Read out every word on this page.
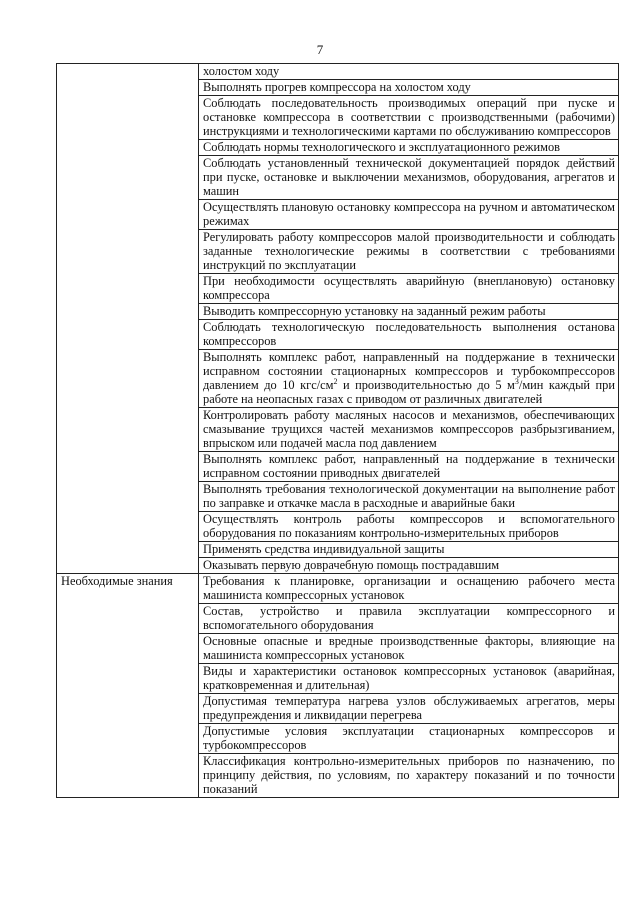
7
	холостом ходу
	Выполнять прогрев компрессора на холостом ходу
	Соблюдать последовательность производимых операций при пуске и остановке компрессора в соответствии с производственными (рабочими) инструкциями и технологическими картами по обслуживанию компрессоров
	Соблюдать нормы технологического и эксплуатационного режимов
	Соблюдать установленный технической документацией порядок действий при пуске, остановке и выключении механизмов, оборудования, агрегатов и машин
	Осуществлять плановую остановку компрессора на ручном и автоматическом режимах
	Регулировать работу компрессоров малой производительности и соблюдать заданные технологические режимы в соответствии с требованиями инструкций по эксплуатации
	При необходимости осуществлять аварийную (внеплановую) остановку компрессора
	Выводить компрессорную установку на заданный режим работы
	Соблюдать технологическую последовательность выполнения останова компрессоров
	Выполнять комплекс работ, направленный на поддержание в технически исправном состоянии стационарных компрессоров и турбокомпрессоров давлением до 10 кгс/$см^2$ и производительностью до 5 $м^3$/мин каждый при работе на неопасных газах с приводом от различных двигателей
	Контролировать работу масляных насосов и механизмов, обеспечивающих смазывание трущихся частей механизмов компрессоров разбрызгиванием, впрыском или подачей масла под давлением
	Выполнять комплекс работ, направленный на поддержание в технически исправном состоянии приводных двигателей
	Выполнять требования технологической документации на выполнение работ по заправке и откачке масла в расходные и аварийные баки
	Осуществлять контроль работы компрессоров и вспомогательного оборудования по показаниям контрольно-измерительных приборов
	Применять средства индивидуальной защиты
	Оказывать первую доврачебную помощь пострадавшим
Необходимые знания	Требования к планировке, организации и оснащению рабочего места машиниста компрессорных установок
	Состав, устройство и правила эксплуатации компрессорного и вспомогательного оборудования
	Основные опасные и вредные производственные факторы, влияющие на машиниста компрессорных установок
	Виды и характеристики остановок компрессорных установок (аварийная, кратковременная и длительная)
	Допустимая температура нагрева узлов обслуживаемых агрегатов, меры предупреждения и ликвидации перегрева
	Допустимые условия эксплуатации стационарных компрессоров и турбокомпрессоров
	Классификация контрольно-измерительных приборов по назначению, по принципу действия, по условиям, по характеру показаний и по точности показаний
